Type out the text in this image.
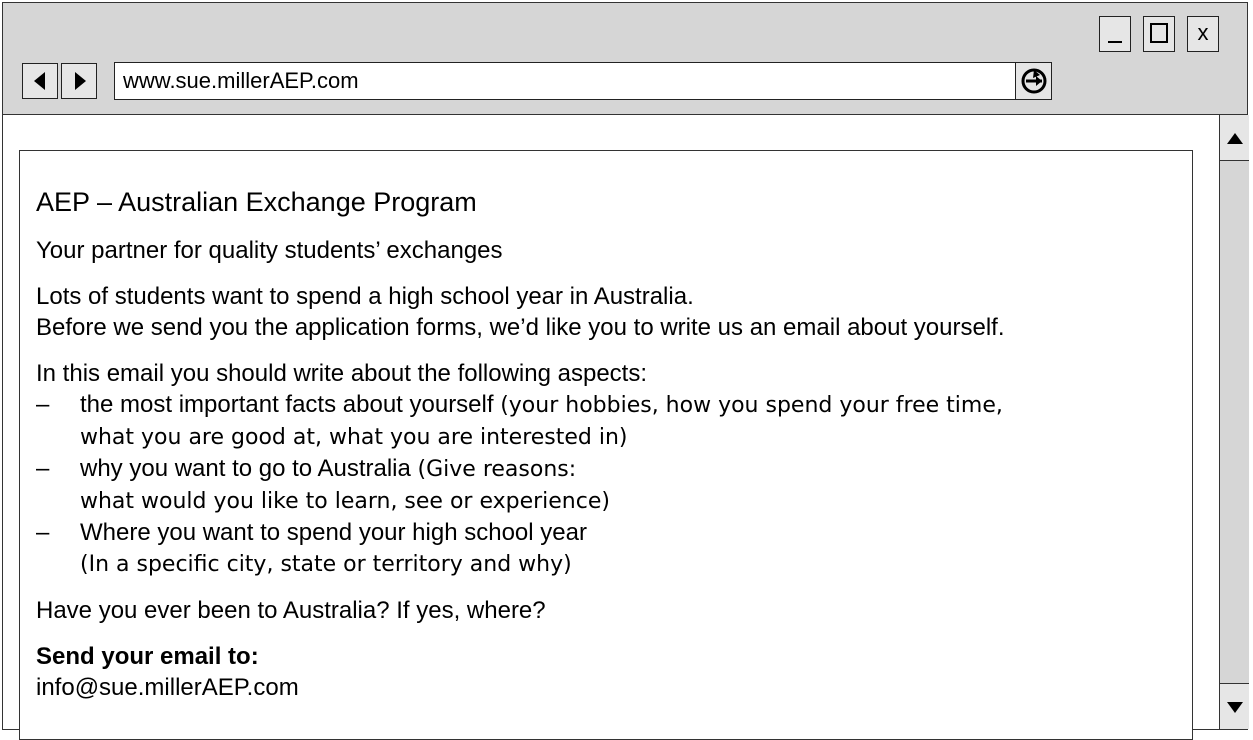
x
www.sue.millerAEP.com
AEP – Australian Exchange Program

Your partner for quality students’ exchanges

Lots of students want to spend a high school year in Australia.
Before we send you the application forms, we’d like you to write us an email about yourself.

In this email you should write about the following aspects:
– the most important facts about yourself (your hobbies, how you spend your free time,
what you are good at, what you are interested in)
– why you want to go to Australia (Give reasons:
what would you like to learn, see or experience)
– Where you want to spend your high school year
(In a specific city, state or territory and why)

Have you ever been to Australia? If yes, where?

Send your email to:
info@sue.millerAEP.com
